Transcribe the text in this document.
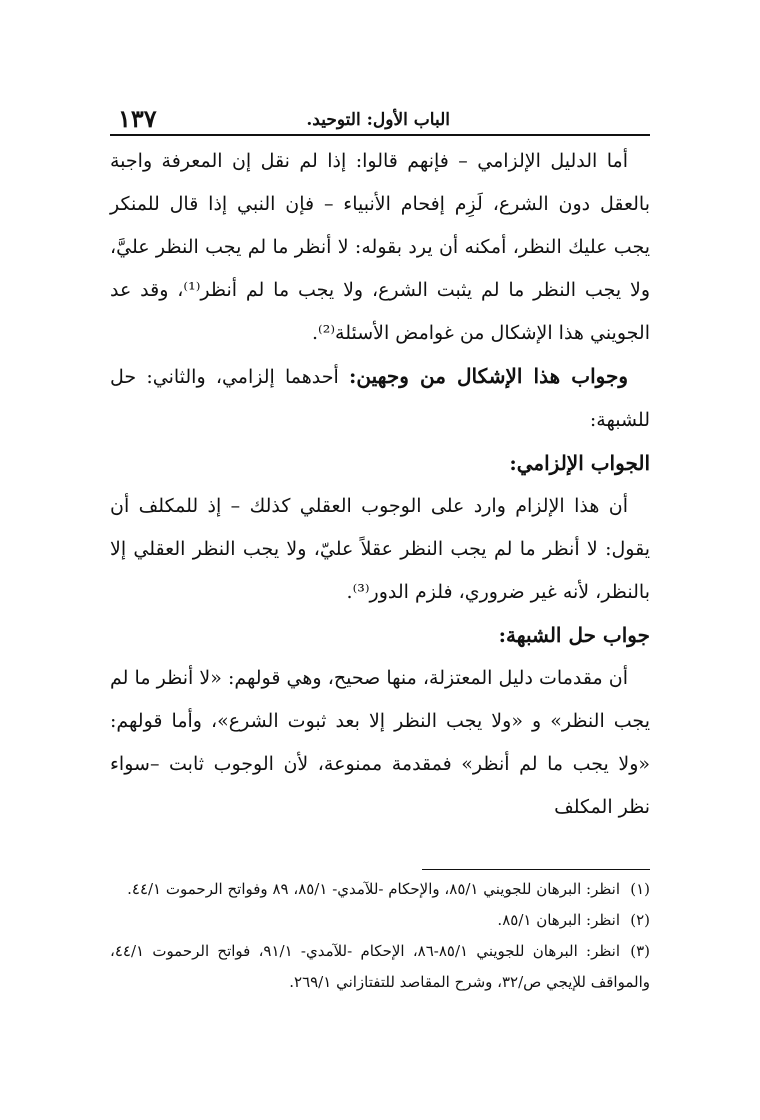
الباب الأول: التوحيد.
١٣٧

أما الدليل الإلزامي – فإنهم قالوا: إذا لم نقل إن المعرفة واجبة بالعقل دون الشرع، لَزِم إفحام الأنبياء – فإن النبي إذا قال للمنكر يجب عليك النظر، أمكنه أن يرد بقوله: لا أنظر ما لم يجب النظر عليَّ، ولا يجب النظر ما لم يثبت الشرع، ولا يجب ما لم أنظر⁽¹⁾، وقد عد الجويني هذا الإشكال من غوامض الأسئلة⁽²⁾.

وجواب هذا الإشكال من وجهين: أحدهما إلزامي، والثاني: حل للشبهة:

الجواب الإلزامي:

أن هذا الإلزام وارد على الوجوب العقلي كذلك – إذ للمكلف أن يقول: لا أنظر ما لم يجب النظر عقلاً عليّ، ولا يجب النظر العقلي إلا بالنظر، لأنه غير ضروري، فلزم الدور⁽³⁾.

جواب حل الشبهة:

أن مقدمات دليل المعتزلة، منها صحيح، وهي قولهم: «لا أنظر ما لم يجب النظر» و «ولا يجب النظر إلا بعد ثبوت الشرع»، وأما قولهم: «ولا يجب ما لم أنظر» فمقدمة ممنوعة، لأن الوجوب ثابت –سواء نظر المكلف

(١)انظر: البرهان للجويني ٨٥/١، والإحكام -للآمدي- ٨٥/١، ٨٩ وفواتح الرحموت ٤٤/١.

(٢)انظر: البرهان ٨٥/١.

(٣)انظر: البرهان للجويني ٨٥/١-٨٦، الإحكام -للآمدي- ٩١/١، فواتح الرحموت ٤٤/١، والمواقف للإيجي ص/٣٢، وشرح المقاصد للتفتازاني ٢٦٩/١.
